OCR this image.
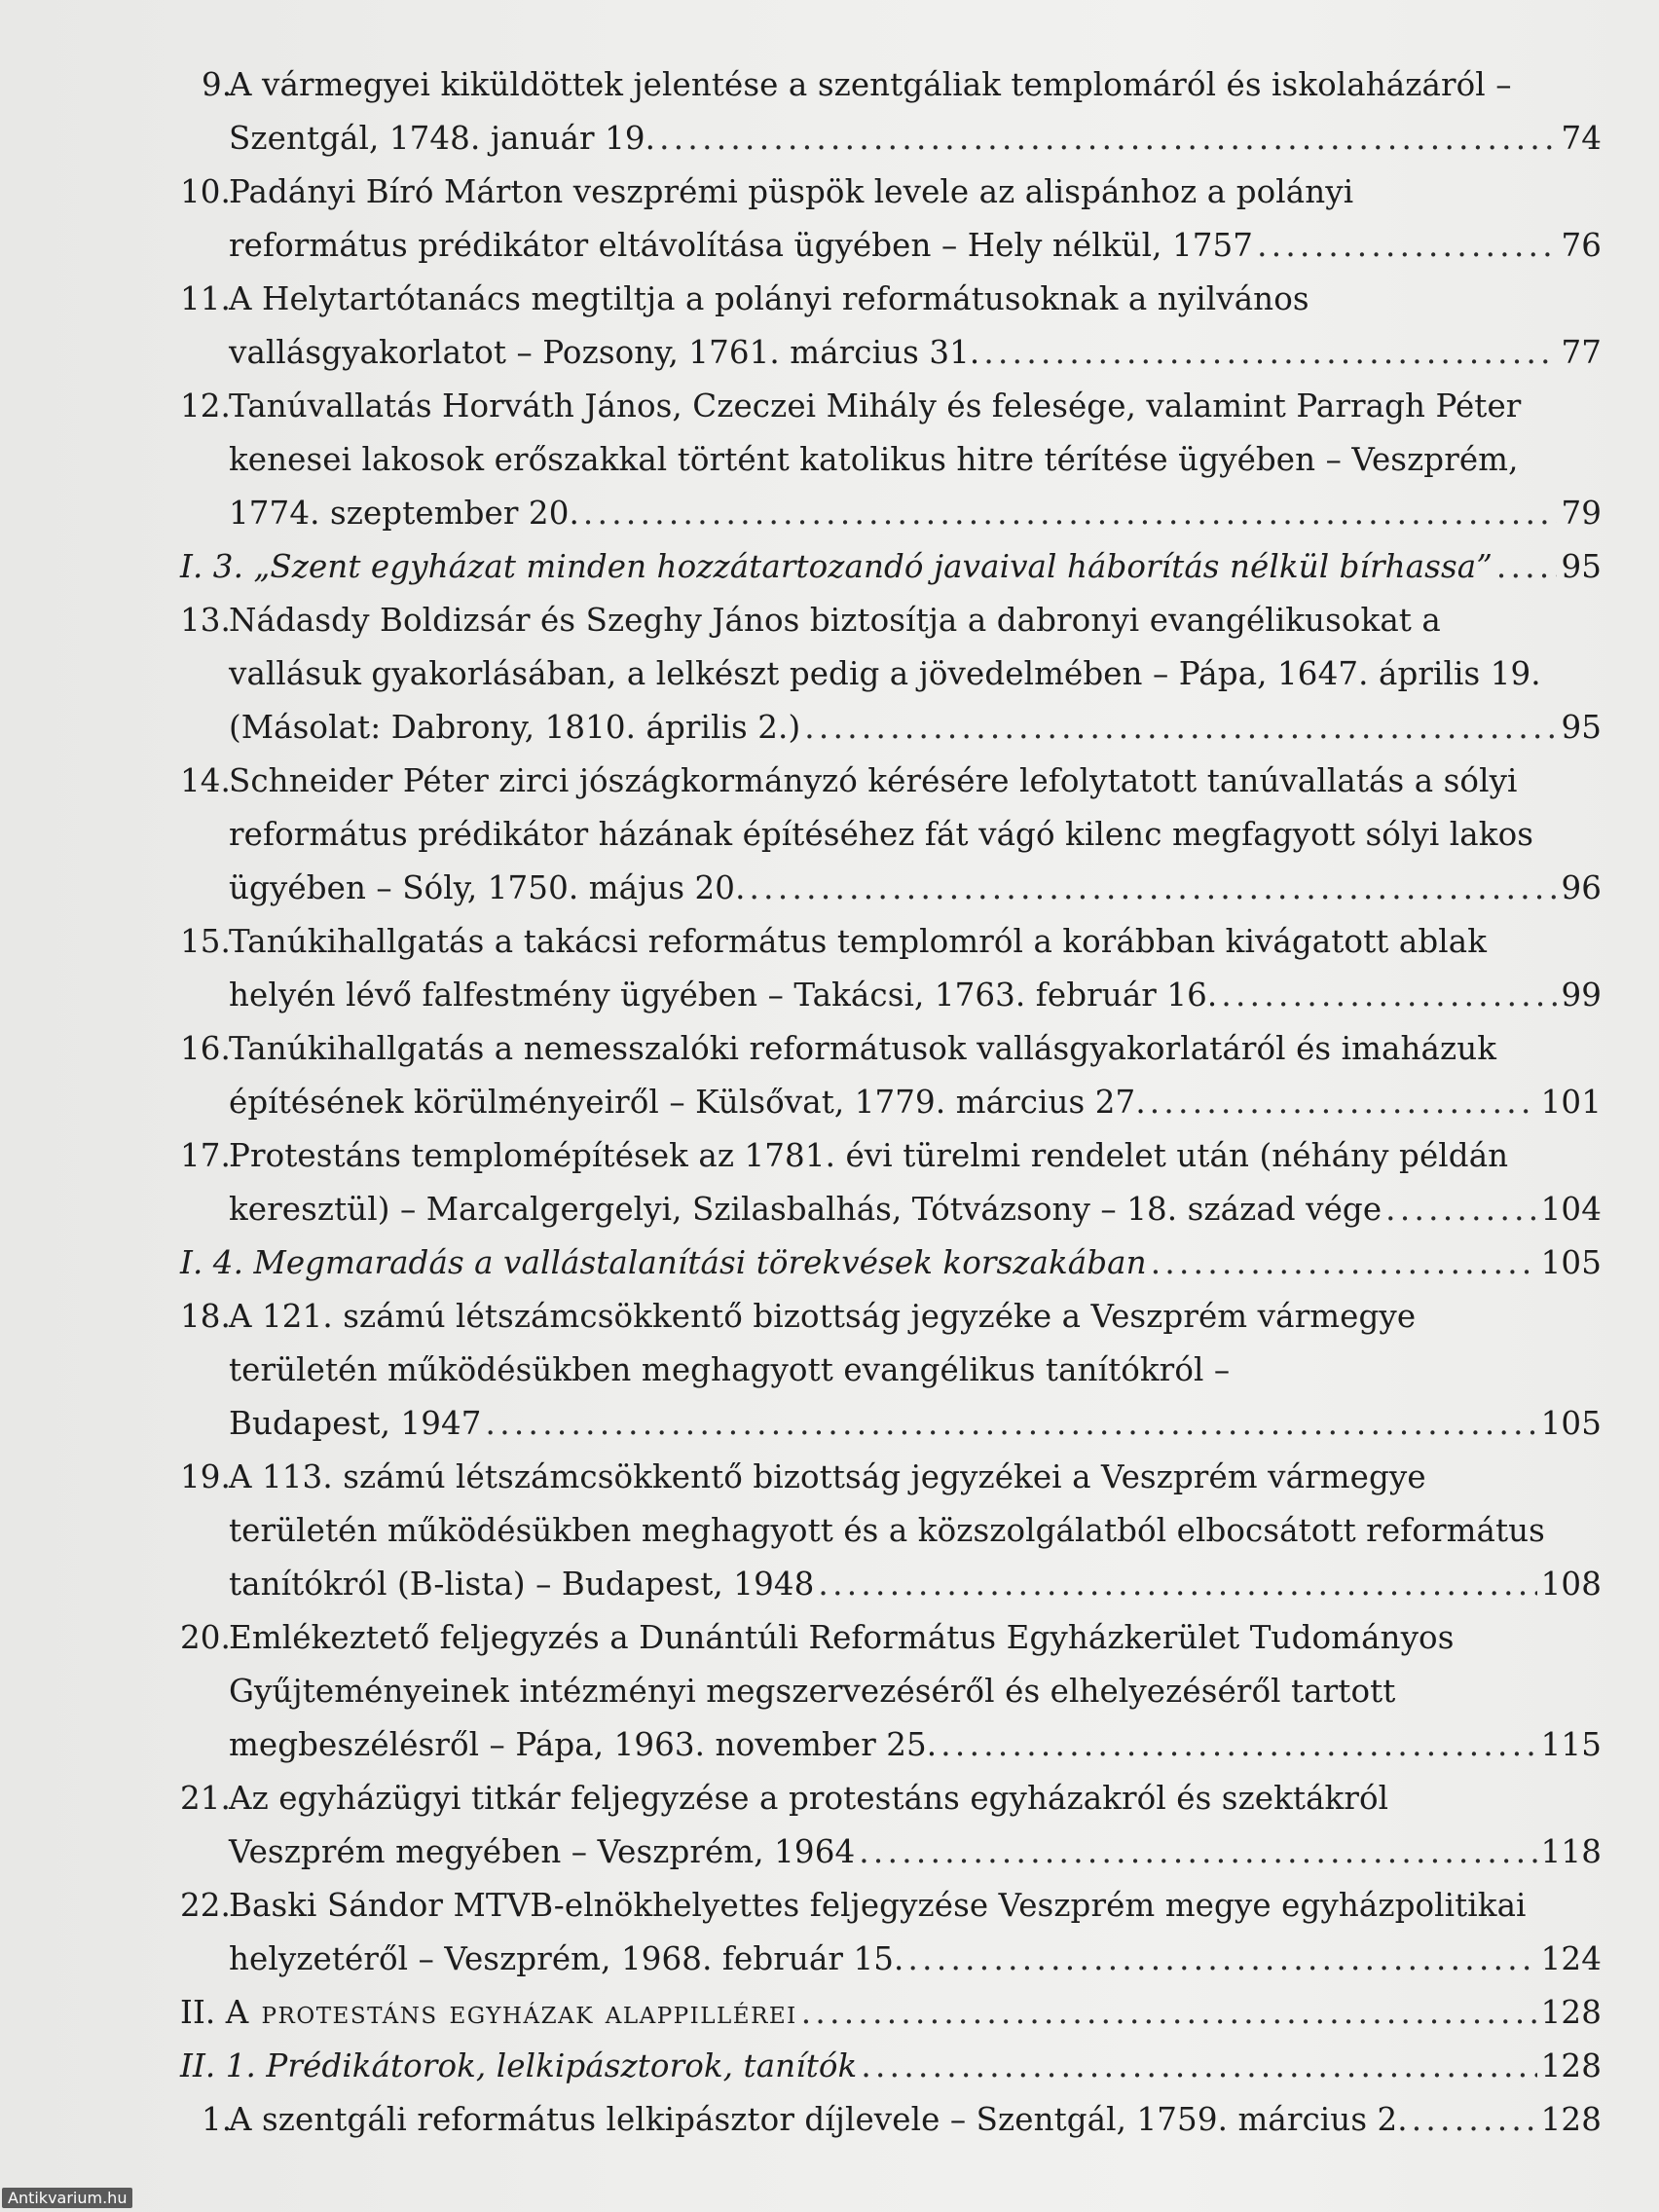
9.
A vármegyei kiküldöttek jelentése a szentgáliak templomáról és iskolaházáról –
Szentgál, 1748. január 19. . . .	74
10.
Padányi Bíró Márton veszprémi püspök levele az alispánhoz a polányi
református prédikátor eltávolítása ügyében – Hely nélkül, 1757 . . .	76
11.
A Helytartótanács megtiltja a polányi reformátusoknak a nyilvános
vallásgyakorlatot – Pozsony, 1761. március 31. . . .	77
12.
Tanúvallatás Horváth János, Czeczei Mihály és felesége, valamint Parragh Péter
kenesei lakosok erőszakkal történt katolikus hitre térítése ügyében – Veszprém,
1774. szeptember 20. . . .	79
I. 3. „Szent egyházat minden hozzátartozandó javaival háborítás nélkül bírhassa” . . . 95
13.
Nádasdy Boldizsár és Szeghy János biztosítja a dabronyi evangélikusokat a
vallásuk gyakorlásában, a lelkészt pedig a jövedelmében – Pápa, 1647. április 19.
(Másolat: Dabrony, 1810. április 2.) . . .	95
14.
Schneider Péter zirci jószágkormányzó kérésére lefolytatott tanúvallatás a sólyi
református prédikátor házának építéséhez fát vágó kilenc megfagyott sólyi lakos
ügyében – Sóly, 1750. május 20. . . .	96
15.
Tanúkihallgatás a takácsi református templomról a korábban kivágatott ablak
helyén lévő falfestmény ügyében – Takácsi, 1763. február 16. . . .	99
16.
Tanúkihallgatás a nemesszalóki reformátusok vallásgyakorlatáról és imaházuk
építésének körülményeiről – Külsővat, 1779. március 27. . . .	101
17.
Protestáns templomépítések az 1781. évi türelmi rendelet után (néhány példán
keresztül) – Marcalgergelyi, Szilasbalhás, Tótvázsony – 18. század vége . . .	104
I. 4. Megmaradás a vallástalanítási törekvések korszakában . . .	105
18.
A 121. számú létszámcsökkentő bizottság jegyzéke a Veszprém vármegye
területén működésükben meghagyott evangélikus tanítókról –
Budapest, 1947 . . .	105
19.
A 113. számú létszámcsökkentő bizottság jegyzékei a Veszprém vármegye
területén működésükben meghagyott és a közszolgálatból elbocsátott református
tanítókról (B-lista) – Budapest, 1948 . . .	108
20.
Emlékeztető feljegyzés a Dunántúli Református Egyházkerület Tudományos
Gyűjteményeinek intézményi megszervezéséről és elhelyezéséről tartott
megbeszélésről – Pápa, 1963. november 25. . . .	115
21.
Az egyházügyi titkár feljegyzése a protestáns egyházakról és szektákról
Veszprém megyében – Veszprém, 1964 . . .	118
22.
Baski Sándor MTVB-elnökhelyettes feljegyzése Veszprém megye egyházpolitikai
helyzetéről – Veszprém, 1968. február 15. . . .	124
II. A protestáns egyházak alappillérei . . .	128
II. 1. Prédikátorok, lelkipásztorok, tanítók . . .	128
1.
A szentgáli református lelkipásztor díjlevele – Szentgál, 1759. március 2. . . .	128
Antikvarium.hu
